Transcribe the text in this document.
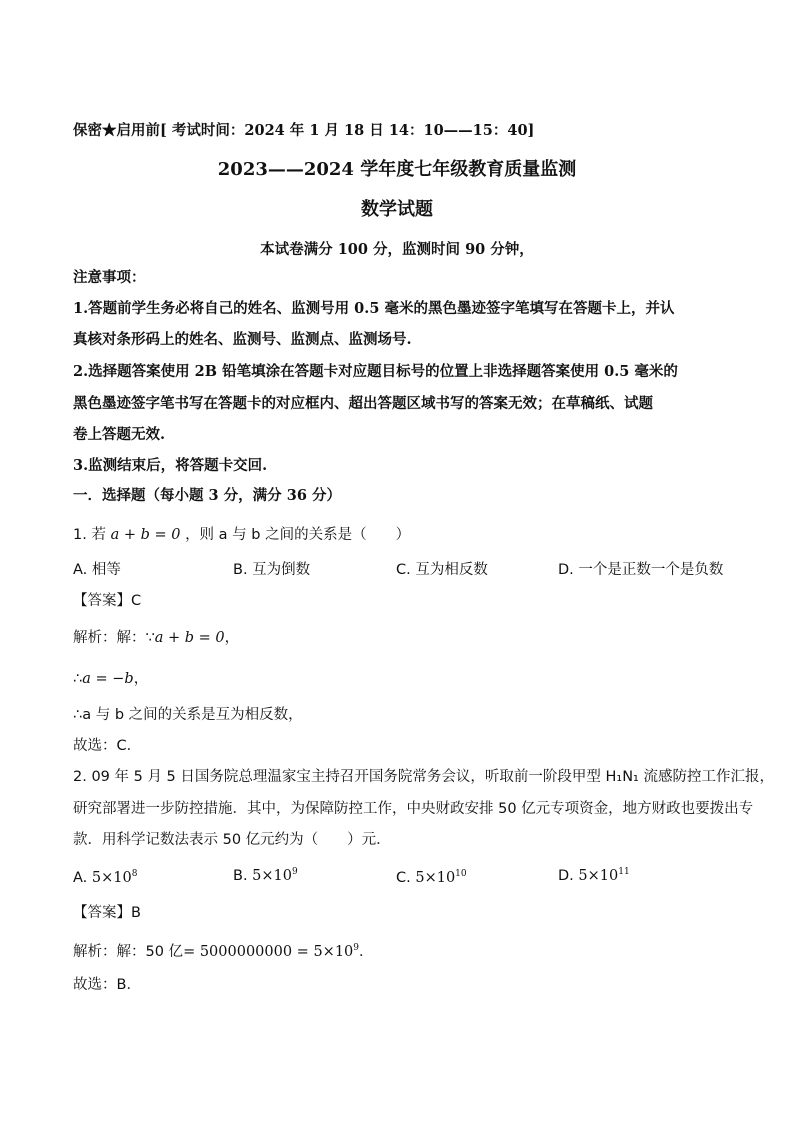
保密★启用前[ 考试时间：2024 年 1 月 18 日 14：10——15：40]
2023——2024 学年度七年级教育质量监测
数学试题
本试卷满分 100 分，监测时间 90 分钟，
注意事项：
1.答题前学生务必将自己的姓名、监测号用 0.5 毫米的黑色墨迹签字笔填写在答题卡上，并认
真核对条形码上的姓名、监测号、监测点、监测场号.
2.选择题答案使用 2B 铅笔填涂在答题卡对应题目标号的位置上非选择题答案使用 0.5 毫米的
黑色墨迹签字笔书写在答题卡的对应框内、超出答题区域书写的答案无效；在草稿纸、试题
卷上答题无效.
3.监测结束后，将答题卡交回.
一．选择题（每小题 3 分，满分 36 分）
1. 若 a + b = 0 ，则 a 与 b 之间的关系是（　　）
A. 相等	B. 互为倒数	C. 互为相反数	D. 一个是正数一个是负数
【答案】C
解析：解：∵a + b = 0，
∴a = −b，
∴a 与 b 之间的关系是互为相反数，
故选：C．
2. 09 年 5 月 5 日国务院总理温家宝主持召开国务院常务会议，听取前一阶段甲型 H₁N₁ 流感防控工作汇报，
研究部署进一步防控措施．其中，为保障防控工作，中央财政安排 50 亿元专项资金，地方财政也要拨出专
款．用科学记数法表示 50 亿元约为（　　）元．
A. $5\times 10^8$	B. $5\times 10^9$	C. $5\times 10^{10}$	D. $5\times 10^{11}$
【答案】B
解析：解：50 亿= $5000000000 = 5\times 10^9$．
故选：B．
